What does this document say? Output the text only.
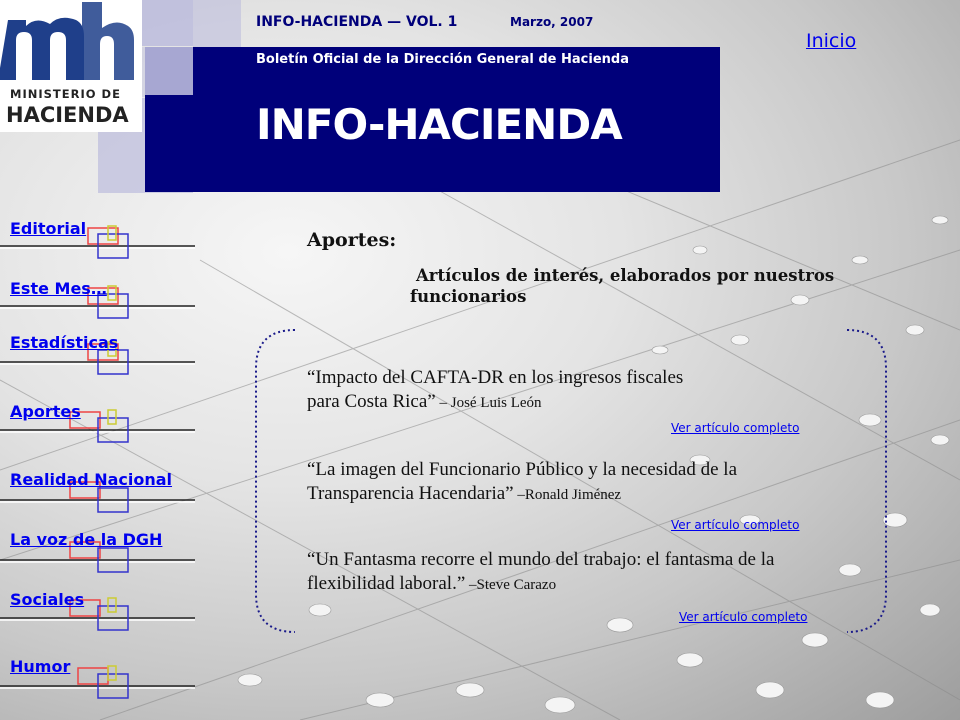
MINISTERIO DE
HACIENDA
INFO-HACIENDA — VOL. 1	Marzo, 2007
Boletín Oficial de la Dirección General de Hacienda
INFO-HACIENDA
Inicio
Editorial
Este Mes…
Estadísticas
Aportes
Realidad Nacional
La voz de la DGH
Sociales
Humor
Aportes:
Artículos de interés, elaborados por nuestros funcionarios
“Impacto del CAFTA-DR en los ingresos fiscales para Costa Rica” – José Luis León
Ver artículo completo
“La imagen del Funcionario Público y la necesidad de la Transparencia Hacendaria” –Ronald Jiménez
Ver artículo completo
“Un Fantasma recorre el mundo del trabajo: el fantasma de la flexibilidad laboral.” –Steve Carazo
Ver artículo completo
